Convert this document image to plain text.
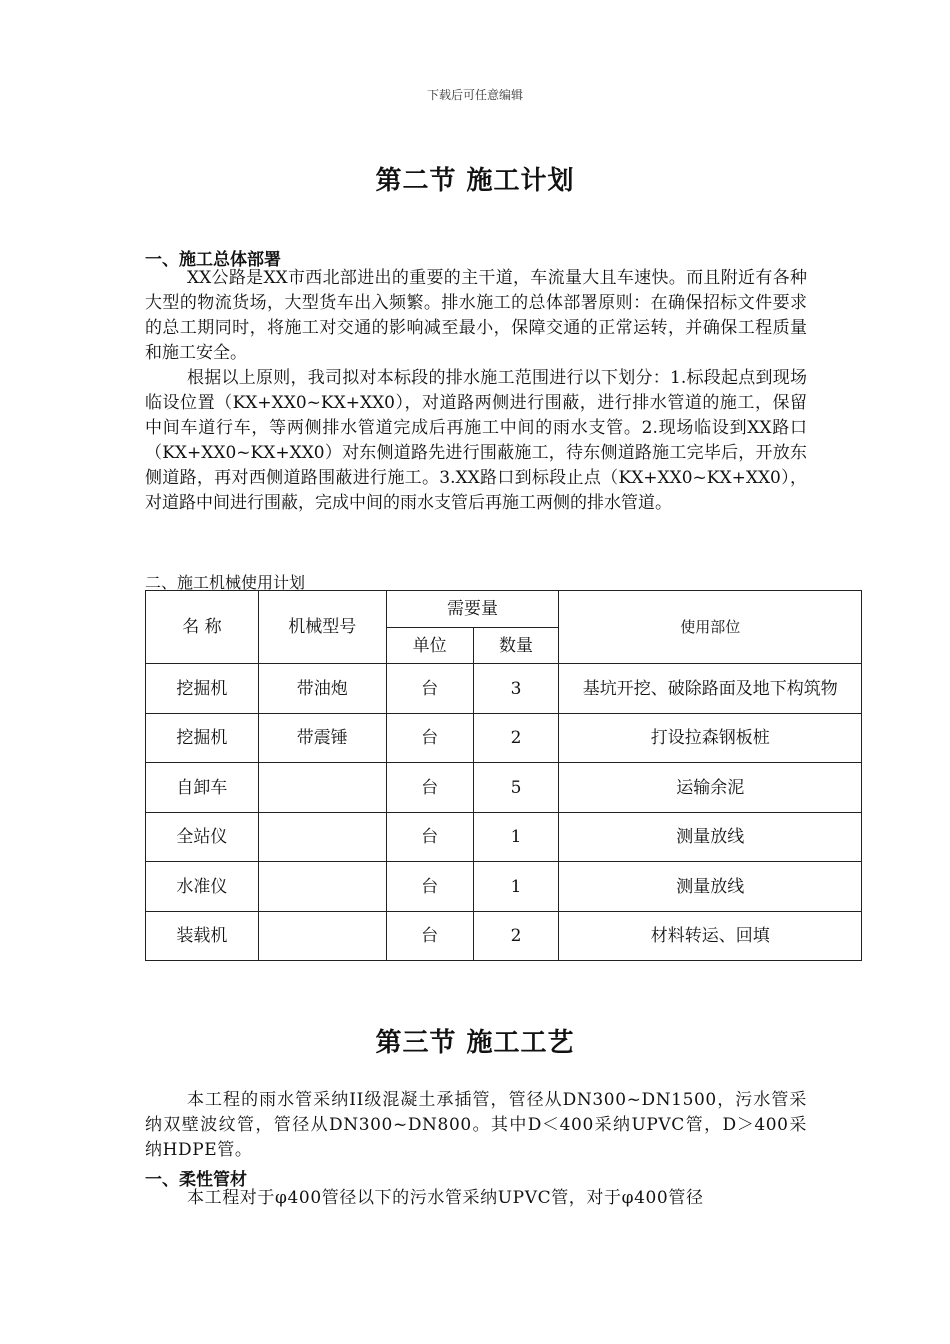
下载后可任意编辑
第二节 施工计划
一、施工总体部署

XX公路是XX市西北部进出的重要的主干道，车流量大且车速快。而且附近有各种大型的物流货场，大型货车出入频繁。排水施工的总体部署原则：在确保招标文件要求的总工期同时，将施工对交通的影响减至最小，保障交通的正常运转，并确保工程质量和施工安全。

根据以上原则，我司拟对本标段的排水施工范围进行以下划分：1.标段起点到现场临设位置（KX+XX0~KX+XX0），对道路两侧进行围蔽，进行排水管道的施工，保留中间车道行车，等两侧排水管道完成后再施工中间的雨水支管。2.现场临设到XX路口（KX+XX0~KX+XX0）对东侧道路先进行围蔽施工，待东侧道路施工完毕后，开放东侧道路，再对西侧道路围蔽进行施工。3.XX路口到标段止点（KX+XX0~KX+XX0），对道路中间进行围蔽，完成中间的雨水支管后再施工两侧的排水管道。

二、施工机械使用计划
名 称	机械型号	需要量		使用部位
		单位	数量	
挖掘机	带油炮	台	3	基坑开挖、破除路面及地下构筑物
挖掘机	带震锤	台	2	打设拉森钢板桩
自卸车		台	5	运输余泥
全站仪		台	1	测量放线
水准仪		台	1	测量放线
装载机		台	2	材料转运、回填
第三节 施工工艺

本工程的雨水管采纳II级混凝土承插管，管径从DN300~DN1500，污水管采纳双壁波纹管，管径从DN300~DN800。其中D＜400采纳UPVC管，D＞400采纳HDPE管。

一、柔性管材

本工程对于φ400管径以下的污水管采纳UPVC管，对于φ400管径
